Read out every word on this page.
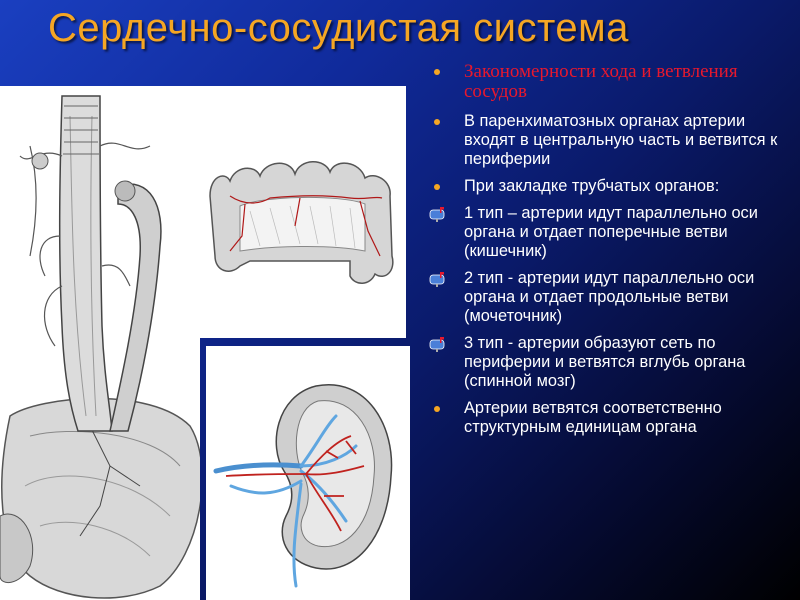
Сердечно-сосудистая система
Закономерности хода и ветвления сосудов
В паренхиматозных органах артерии входят в центральную часть и ветвится к периферии
При закладке трубчатых органов:
1 тип – артерии идут параллельно оси органа и отдает поперечные ветви (кишечник)
2 тип - артерии идут параллельно оси органа и отдает продольные ветви (мочеточник)
3 тип - артерии образуют сеть по периферии и ветвятся вглубь органа (спинной мозг)
Артерии ветвятся соответственно структурным единицам органа
